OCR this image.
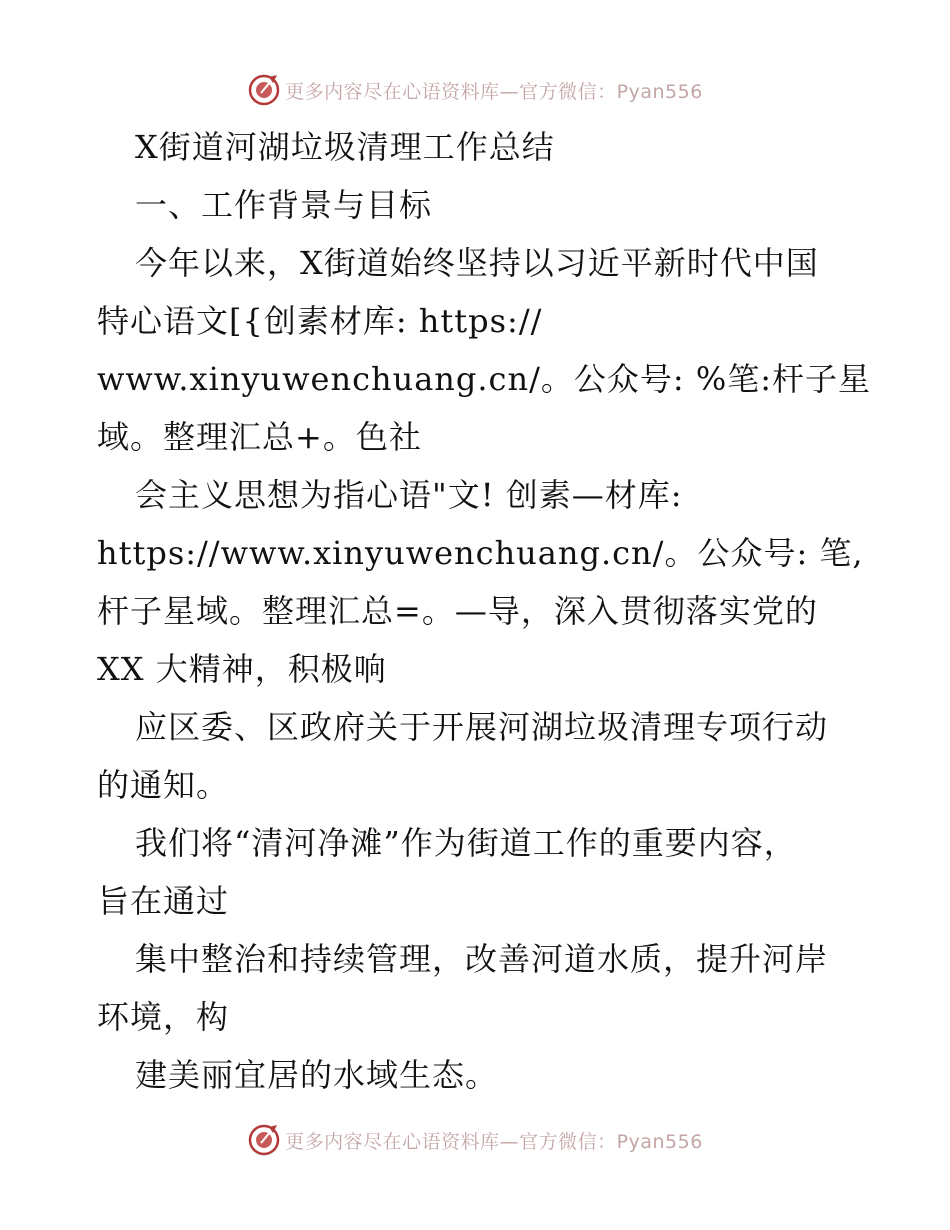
更多内容尽在心语资料库—官方微信：Pyan556
X街道河湖垃圾清理工作总结
一、工作背景与目标
今年以来，X街道始终坚持以习近平新时代中国
特心语文[{创素材库: https://
www.xinyuwenchuang.cn/。公众号: %笔:杆子星
域。整理汇总+。色社
会主义思想为指心语"文! 创素—材库:
https://www.xinyuwenchuang.cn/。公众号: 笔,
杆子星域。整理汇总=。—导，深入贯彻落实党的
XX 大精神，积极响
应区委、区政府关于开展河湖垃圾清理专项行动
的通知。
我们将“清河净滩”作为街道工作的重要内容，
旨在通过
集中整治和持续管理，改善河道水质，提升河岸
环境，构
建美丽宜居的水域生态。
更多内容尽在心语资料库—官方微信：Pyan556
